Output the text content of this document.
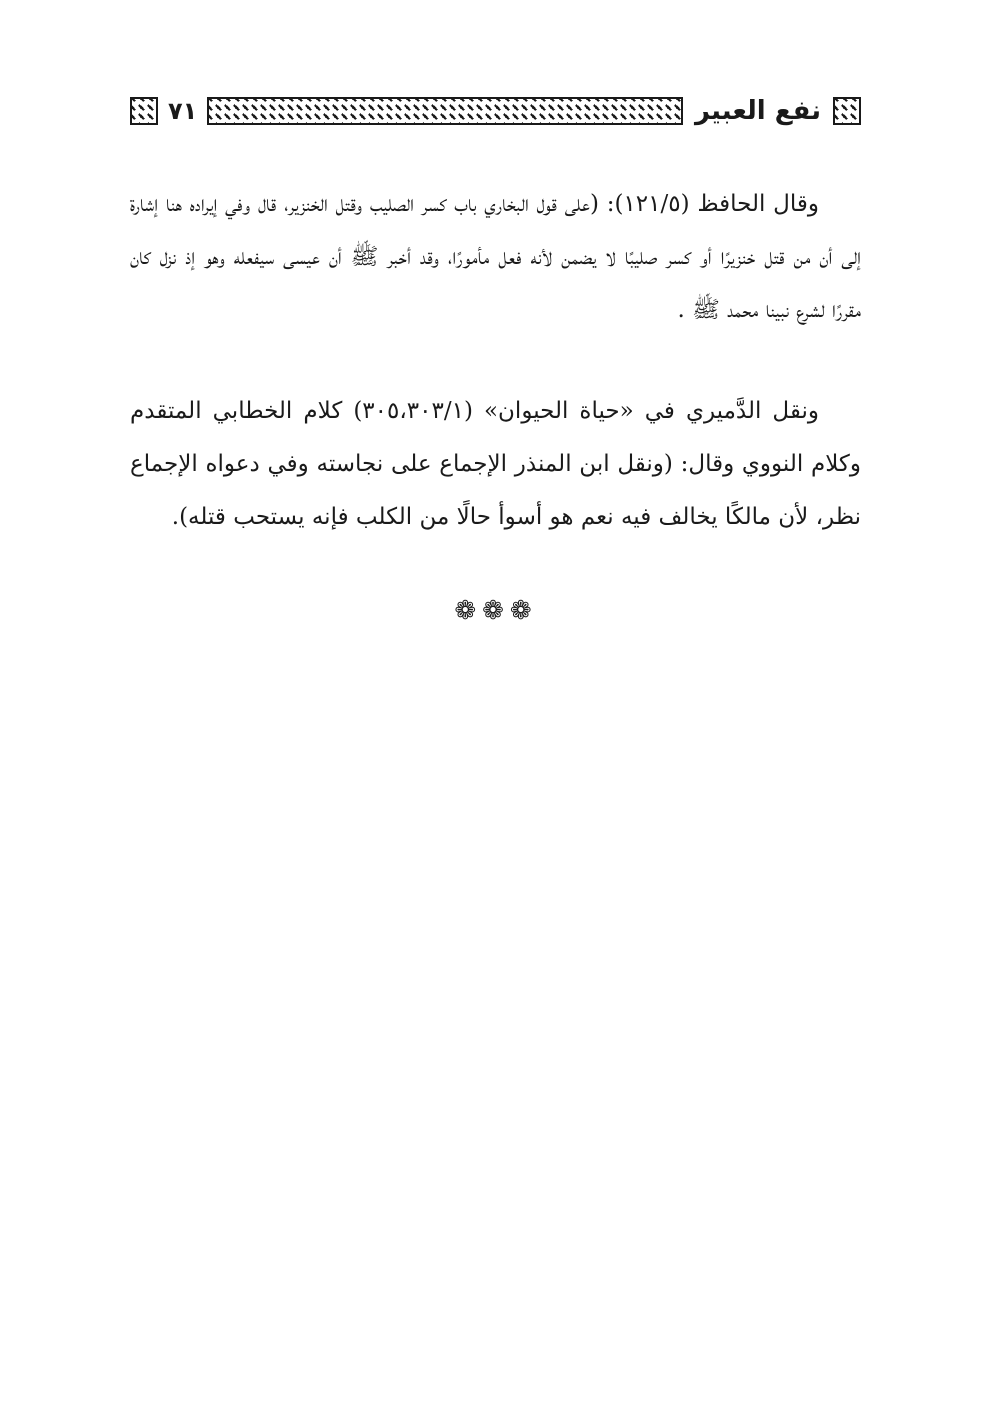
٧١	نفع العبير

وقال الحافظ (١٢١/٥): (على قول البخاري باب كسر الصليب وقتل الخنزير، قال وفي إيراده هنا إشارة إلى أن من قتل خنزيرًا أو كسر صليبًا لا يضمن لأنه فعل مأمورًا، وقد أخبر ﷺ أن عيسى سيفعله وهو إذ نزل كان مقررًا لشرع نبينا محمد ﷺ .

ونقل الدَّميري في «حياة الحيوان» (٣٠٥،٣٠٣/١) كلام الخطابي المتقدم وكلام النووي وقال: (ونقل ابن المنذر الإجماع على نجاسته وفي دعواه الإجماع نظر، لأن مالكًا يخالف فيه نعم هو أسوأ حالًا من الكلب فإنه يستحب قتله).

❁❁❁
